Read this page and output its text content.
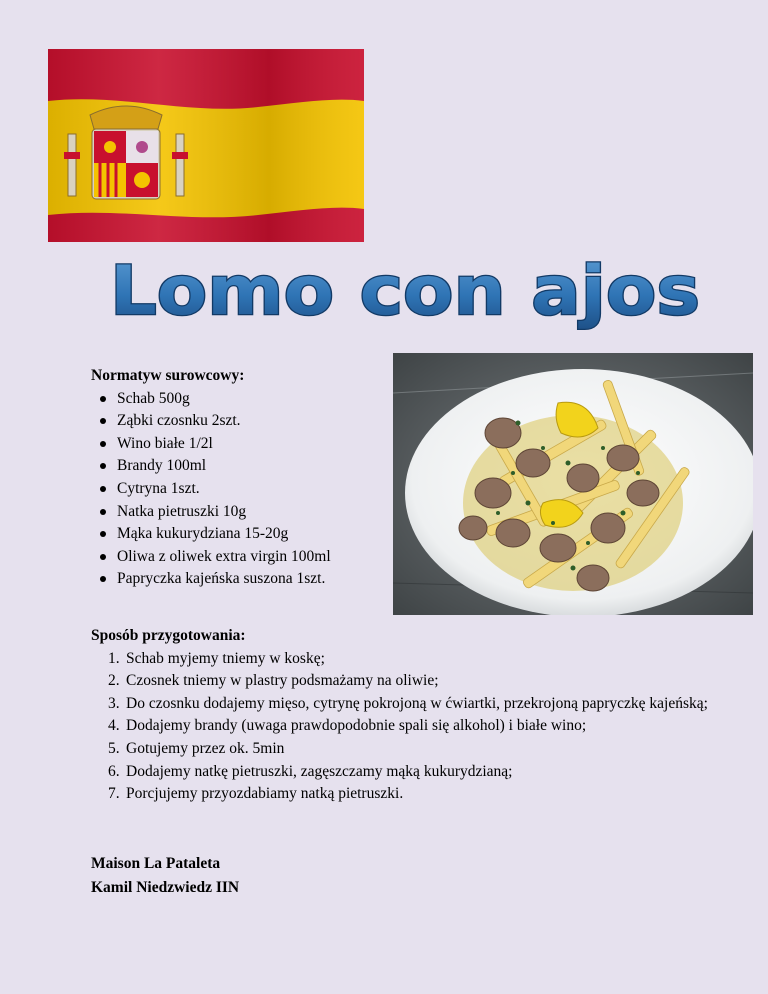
Lomo con ajos
Normatyw surowcowy:
Schab 500g
Ząbki czosnku 2szt.
Wino białe 1/2l
Brandy 100ml
Cytryna 1szt.
Natka pietruszki 10g
Mąka kukurydziana 15-20g
Oliwa z oliwek extra virgin 100ml
Papryczka kajeńska suszona 1szt.
Sposób przygotowania:
1. Schab myjemy tniemy w koskę;
2. Czosnek tniemy w plastry podsmażamy na oliwie;
3. Do czosnku dodajemy mięso, cytrynę pokrojoną w ćwiartki, przekrojoną papryczkę kajeńską;
4. Dodajemy brandy (uwaga prawdopodobnie spali się alkohol) i białe wino;
5. Gotujemy przez ok. 5min
6. Dodajemy natkę pietruszki, zagęszczamy mąką kukurydzianą;
7. Porcjujemy przyozdabiamy natką pietruszki.
Maison La Pataleta
Kamil Niedzwiedz IIN
